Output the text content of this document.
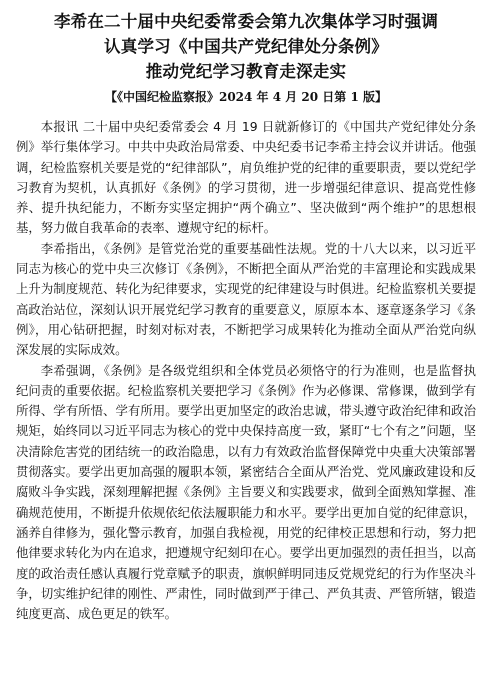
李希在二十届中央纪委常委会第九次集体学习时强调
认真学习《中国共产党纪律处分条例》
推动党纪学习教育走深走实
【《中国纪检监察报》2024 年 4 月 20 日第 1 版】

本报讯 二十届中央纪委常委会 4 月 19 日就新修订的《中国共产党纪律处分条例》举行集体学习。中共中央政治局常委、中央纪委书记李希主持会议并讲话。他强调，纪检监察机关要是党的“纪律部队”，肩负维护党的纪律的重要职责，要以党纪学习教育为契机，认真抓好《条例》的学习贯彻，进一步增强纪律意识、提高党性修养、提升执纪能力，不断夯实坚定拥护“两个确立”、坚决做到“两个维护”的思想根基，努力做自我革命的表率、遵规守纪的标杆。

李希指出，《条例》是管党治党的重要基础性法规。党的十八大以来，以习近平同志为核心的党中央三次修订《条例》，不断把全面从严治党的丰富理论和实践成果上升为制度规范、转化为纪律要求，实现党的纪律建设与时俱进。纪检监察机关要提高政治站位，深刻认识开展党纪学习教育的重要意义，原原本本、逐章逐条学习《条例》，用心钻研把握，时刻对标对表，不断把学习成果转化为推动全面从严治党向纵深发展的实际成效。

李希强调，《条例》是各级党组织和全体党员必须恪守的行为准则，也是监督执纪问责的重要依据。纪检监察机关要把学习《条例》作为必修课、常修课，做到学有所得、学有所悟、学有所用。要学出更加坚定的政治忠诚，带头遵守政治纪律和政治规矩，始终同以习近平同志为核心的党中央保持高度一致，紧盯“七个有之”问题，坚决清除危害党的团结统一的政治隐患，以有力有效政治监督保障党中央重大决策部署贯彻落实。要学出更加高强的履职本领，紧密结合全面从严治党、党风廉政建设和反腐败斗争实践，深刻理解把握《条例》主旨要义和实践要求，做到全面熟知掌握、准确规范使用，不断提升依规依纪依法履职能力和水平。要学出更加自觉的纪律意识，涵养自律修为，强化警示教育，加强自我检视，用党的纪律校正思想和行动，努力把他律要求转化为内在追求，把遵规守纪刻印在心。要学出更加强烈的责任担当，以高度的政治责任感认真履行党章赋予的职责，旗帜鲜明同违反党规党纪的行为作坚决斗争，切实维护纪律的刚性、严肃性，同时做到严于律己、严负其责、严管所辖，锻造纯度更高、成色更足的铁军。
